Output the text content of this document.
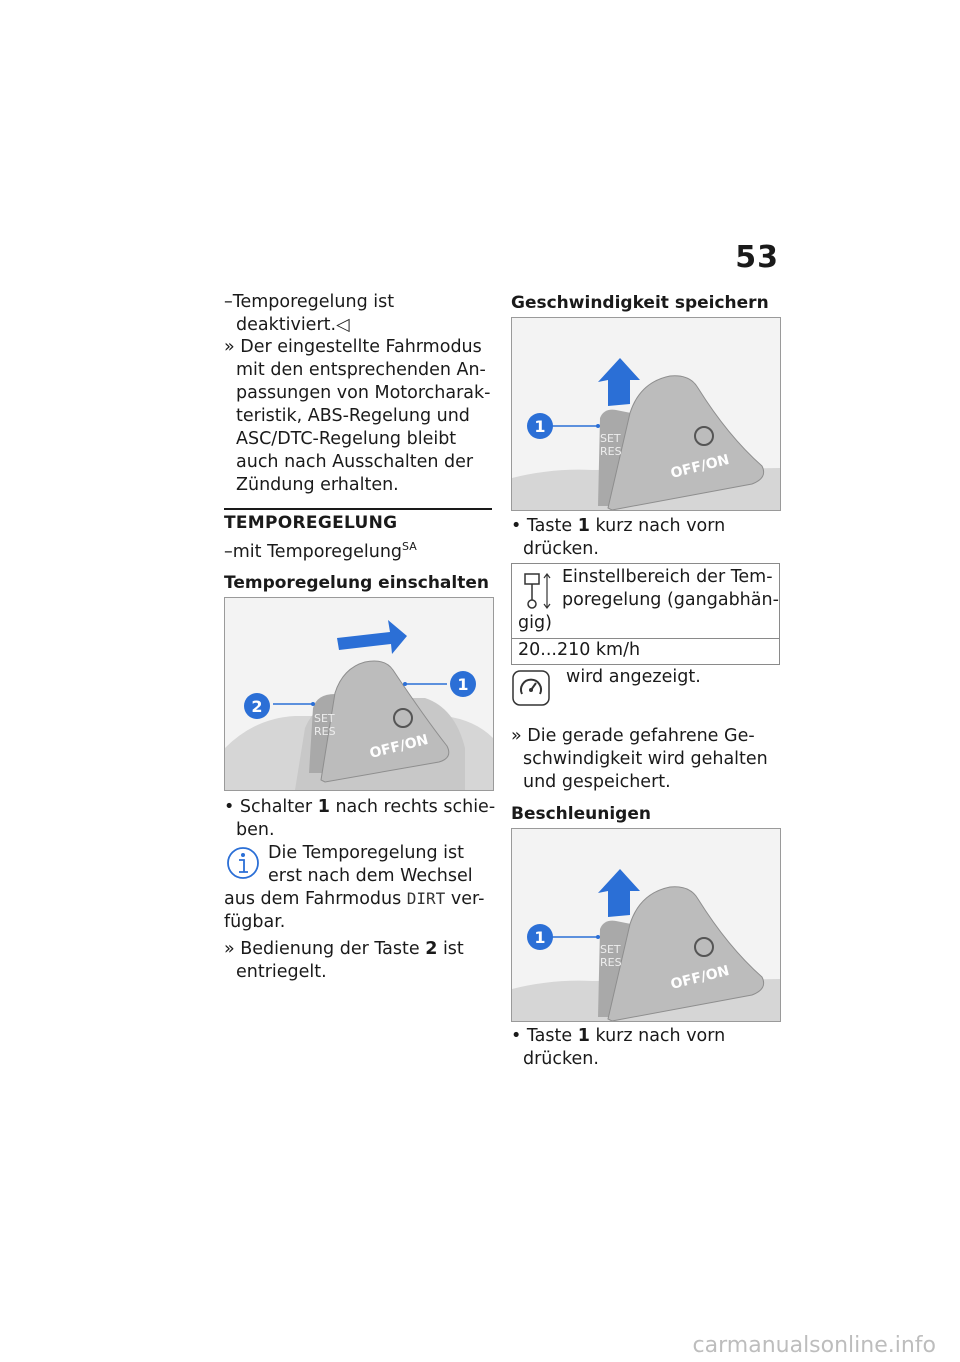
53
–Temporegelung ist
deaktiviert.◁
» Der eingestellte Fahrmodus
mit den entsprechenden An-
passungen von Motorcharak-
teristik, ABS-Regelung und
ASC/DTC-Regelung bleibt
auch nach Ausschalten der
Zündung erhalten.
TEMPOREGELUNG
–mit Temporegelung$^{SA}$
Temporegelung einschalten
2
1
SET
RES
OFF/ON
• Schalter 1 nach rechts schie-
ben.
Die Temporegelung ist
erst nach dem Wechsel
aus dem Fahrmodus DIRT ver-
fügbar.
» Bedienung der Taste 2 ist
entriegelt.
Geschwindigkeit speichern
1
SET
RES
OFF/ON
• Taste 1 kurz nach vorn
drücken.
Einstellbereich der Tem-
poregelung (gangabhän-
gig)
20...210 km/h
wird angezeigt.
» Die gerade gefahrene Ge-
schwindigkeit wird gehalten
und gespeichert.
Beschleunigen
1
SET
RES
OFF/ON
• Taste 1 kurz nach vorn
drücken.
carmanualsonline.info
